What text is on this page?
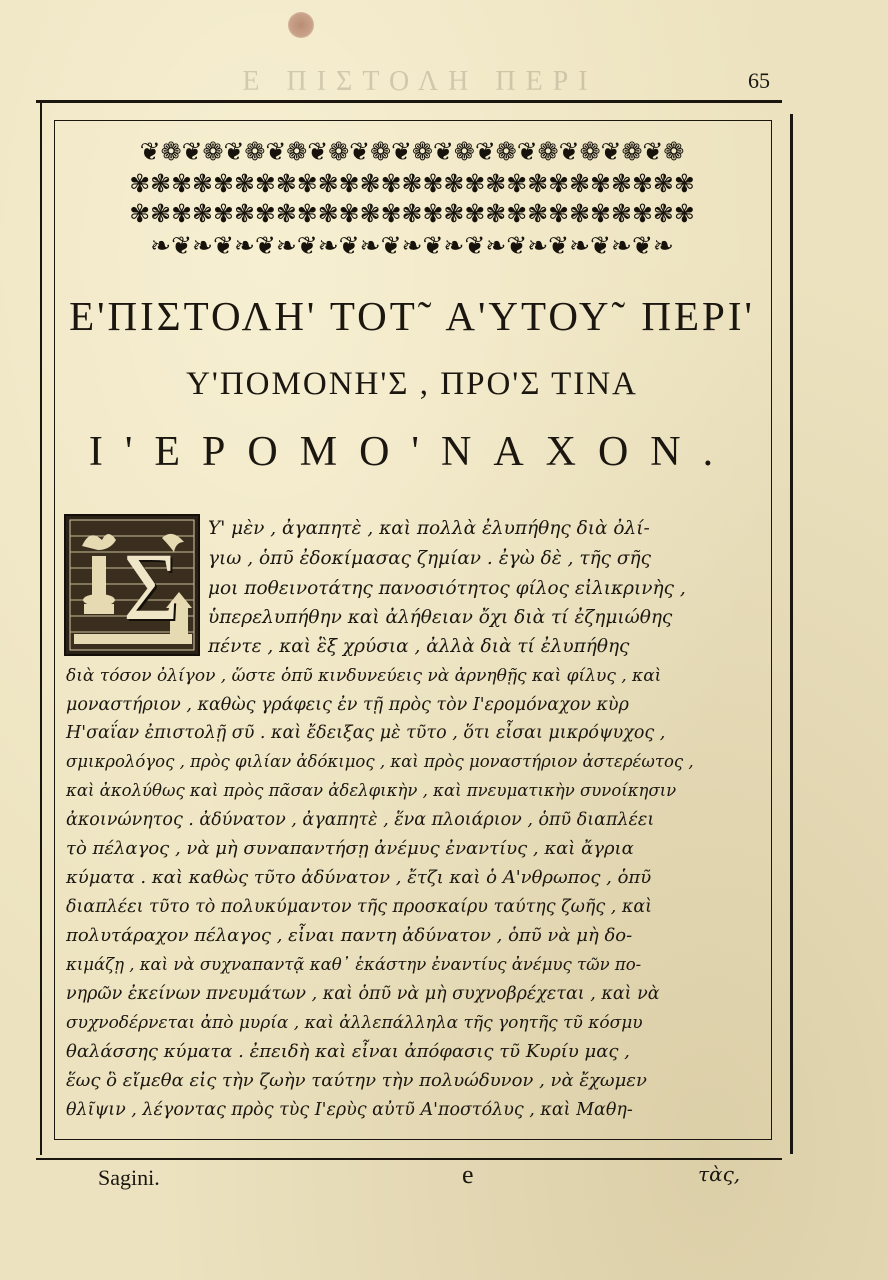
Ε ΠΙΣΤΟΛΗ ΠΕΡΙ	65
❦❁❦❁❦❁❦❁❦❁❦❁❦❁❦❁❦❁❦❁❦❁❦❁❦❁
✾❃✾❃✾❃✾❃✾❃✾❃✾❃✾❃✾❃✾❃✾❃✾❃✾❃✾
✾❃✾❃✾❃✾❃✾❃✾❃✾❃✾❃✾❃✾❃✾❃✾❃✾❃✾
❧❦❧❦❧❦❧❦❧❦❧❦❧❦❧❦❧❦❧❦❧❦❧❦❧
Ε'ΠΙΣΤΟΛΗ' ΤΟΤ˜ Α'ΥΤΟΥ˜ ΠΕΡΙ'
Υ'ΠΟΜΟΝΗ'Σ , ΠΡΟ'Σ ΤΙΝΑ
Ι'ΕΡΟΜΟ'ΝΑΧΟΝ.
Σ
Υ' μὲν , ἀγαπητὲ , καὶ πολλὰ ἐλυπήθης διὰ ὀλί-
γιω , ὁπῦ ἐδοκίμασας ζημίαν . ἐγὼ δὲ , τῆς σῆς
μοι ποθεινοτάτης πανοσιότητος φίλος εἰλικρινὴς ,
ὑπερελυπήθην καὶ ἀλήθειαν ὄχι διὰ τί ἐζημιώθης
πέντε , καὶ ἓξ χρύσια , ἀλλὰ διὰ τί ἐλυπήθης
διὰ τόσον ὀλίγον , ὥστε ὁπῦ κινδυνεύεις νὰ ἀρνηθῇς καὶ φίλυς , καὶ
μοναστήριον , καθὼς γράφεις ἐν τῇ πρὸς τὸν Ι'ερομόναχον κὺρ
Η'σαΐαν ἐπιστολῇ σῦ . καὶ ἔδειξας μὲ τῦτο , ὅτι εἶσαι μικρόψυχος ,
σμικρολόγος , πρὸς φιλίαν ἀδόκιμος , καὶ πρὸς μοναστήριον ἀστερέωτος ,
καὶ ἀκολύθως καὶ πρὸς πᾶσαν ἀδελφικὴν , καὶ πνευματικὴν συνοίκησιν
ἀκοινώνητος . ἀδύνατον , ἀγαπητὲ , ἕνα πλοιάριον , ὁπῦ διαπλέει
τὸ πέλαγος , νὰ μὴ συναπαντήσῃ ἀνέμυς ἐναντίυς , καὶ ἄγρια
κύματα . καὶ καθὼς τῦτο ἀδύνατον , ἔτζι καὶ ὁ Α'νθρωπος , ὁπῦ
διαπλέει τῦτο τὸ πολυκύμαντον τῆς προσκαίρυ ταύτης ζωῆς , καὶ
πολυτάραχον πέλαγος , εἶναι παντη ἀδύνατον , ὁπῦ νὰ μὴ δο-
κιμάζῃ , καὶ νὰ συχναπαντᾷ καθ᾽ ἑκάστην ἐναντίυς ἀνέμυς τῶν πο-
νηρῶν ἐκείνων πνευμάτων , καὶ ὁπῦ νὰ μὴ συχνοβρέχεται , καὶ νὰ
συχνοδέρνεται ἀπὸ μυρία , καὶ ἀλλεπάλληλα τῆς γοητῆς τῦ κόσμυ
θαλάσσης κύματα . ἐπειδὴ καὶ εἶναι ἀπόφασις τῦ Κυρίυ μας ,
ἕως ὃ εἴμεθα εἰς τὴν ζωὴν ταύτην τὴν πολυώδυνον , νὰ ἔχωμεν
θλῖψιν , λέγοντας πρὸς τὺς Ι'ερὺς αὐτῦ Α'ποστόλυς , καὶ Μαθη-
Sagini.	e	τὰς,
